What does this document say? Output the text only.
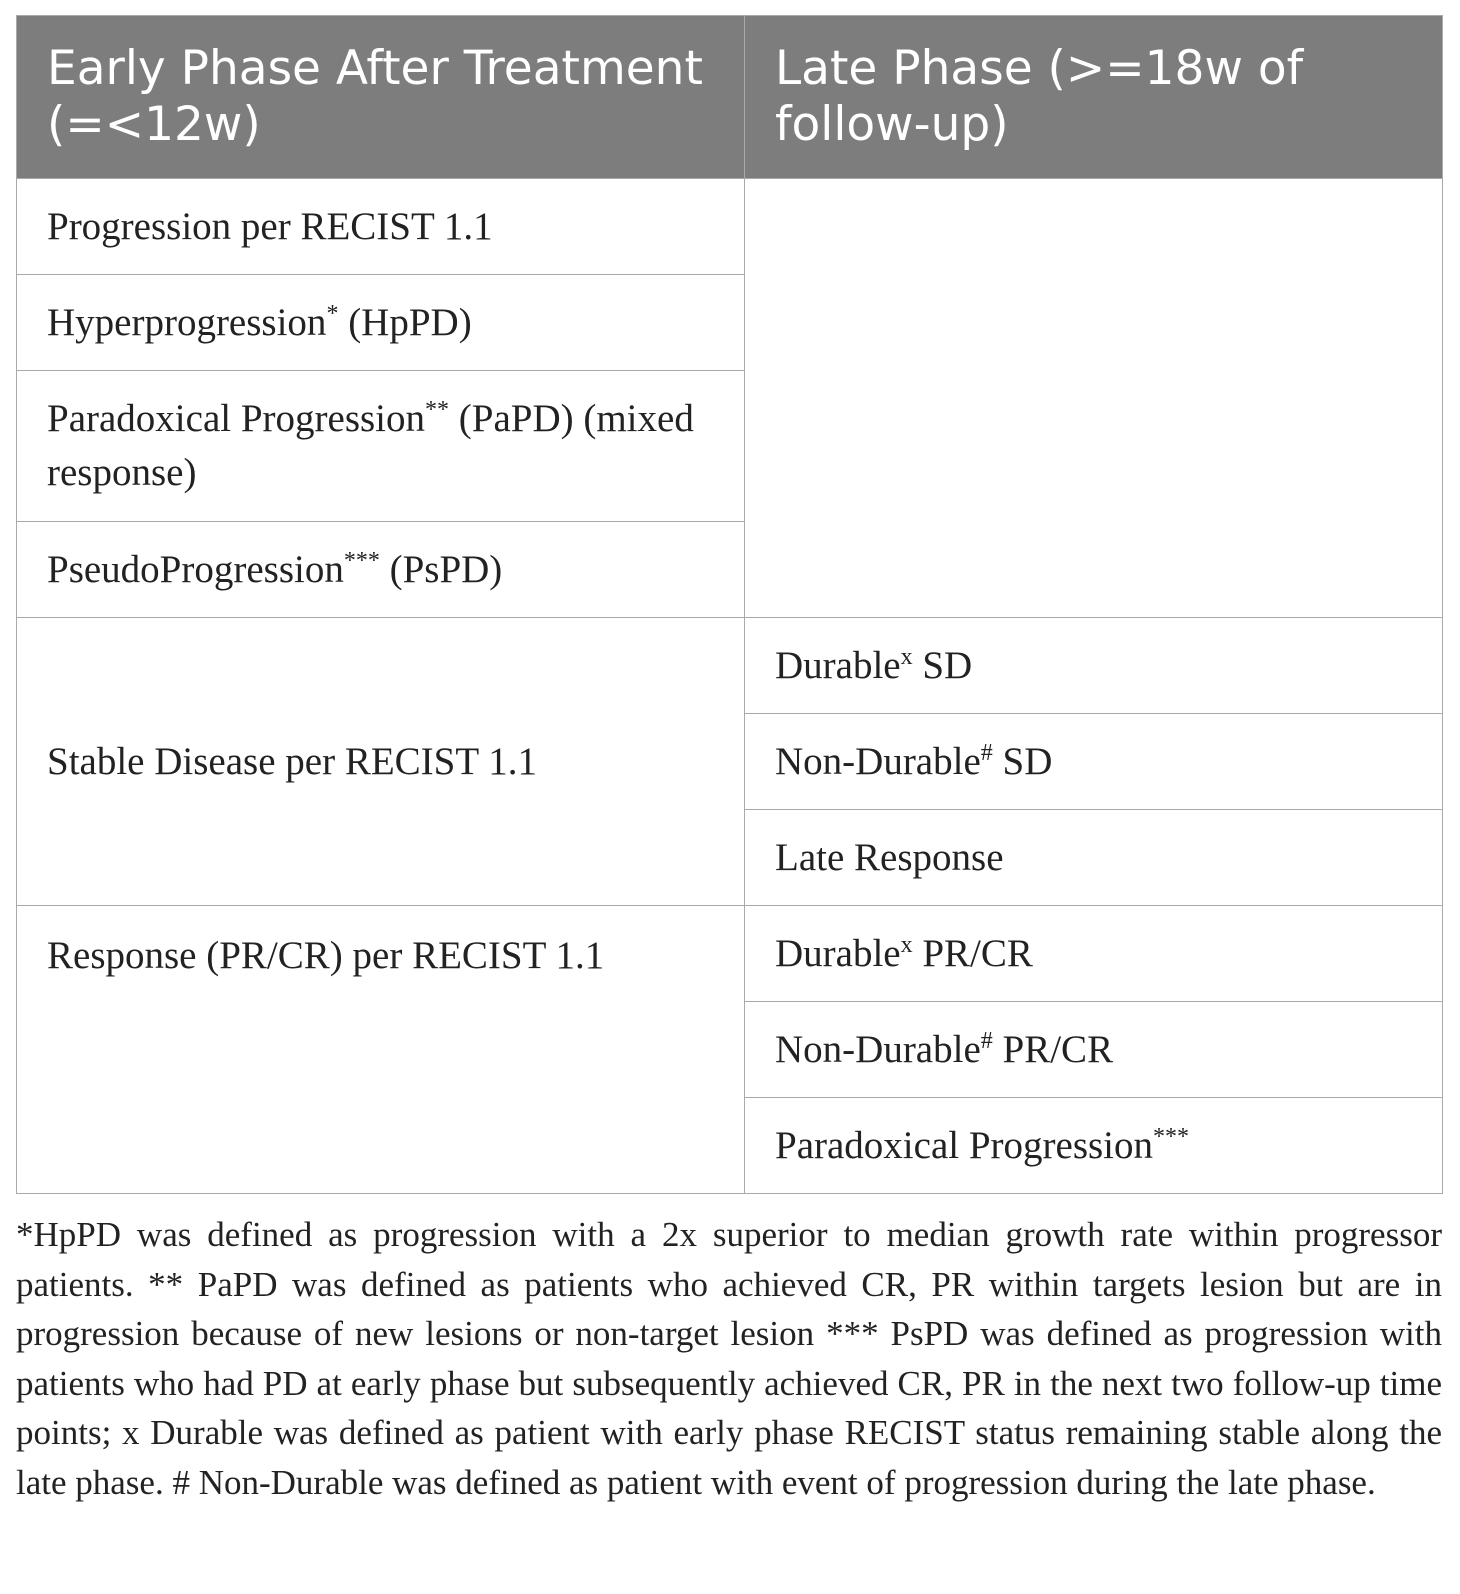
Early Phase After Treatment (=<12w)	Late Phase (>=18w of follow-up)
Progression per RECIST 1.1	
Hyperprogression* (HpPD)	
Paradoxical Progression** (PaPD) (mixed response)	
PseudoProgression*** (PsPD)	
Stable Disease per RECIST 1.1	Durable$^x$ SD
	Non-Durable# SD
	Late Response
Response (PR/CR) per RECIST 1.1	Durable$^x$ PR/CR
	Non-Durable# PR/CR
	Paradoxical Progression***

*HpPD was defined as progression with a 2x superior to median growth rate within progressor patients. ** PaPD was defined as patients who achieved CR, PR within targets lesion but are in progression because of new lesions or non-target lesion *** PsPD was defined as progression with patients who had PD at early phase but subsequently achieved CR, PR in the next two follow-up time points; x Durable was defined as patient with early phase RECIST status remaining stable along the late phase. # Non-Durable was defined as patient with event of progression during the late phase.
